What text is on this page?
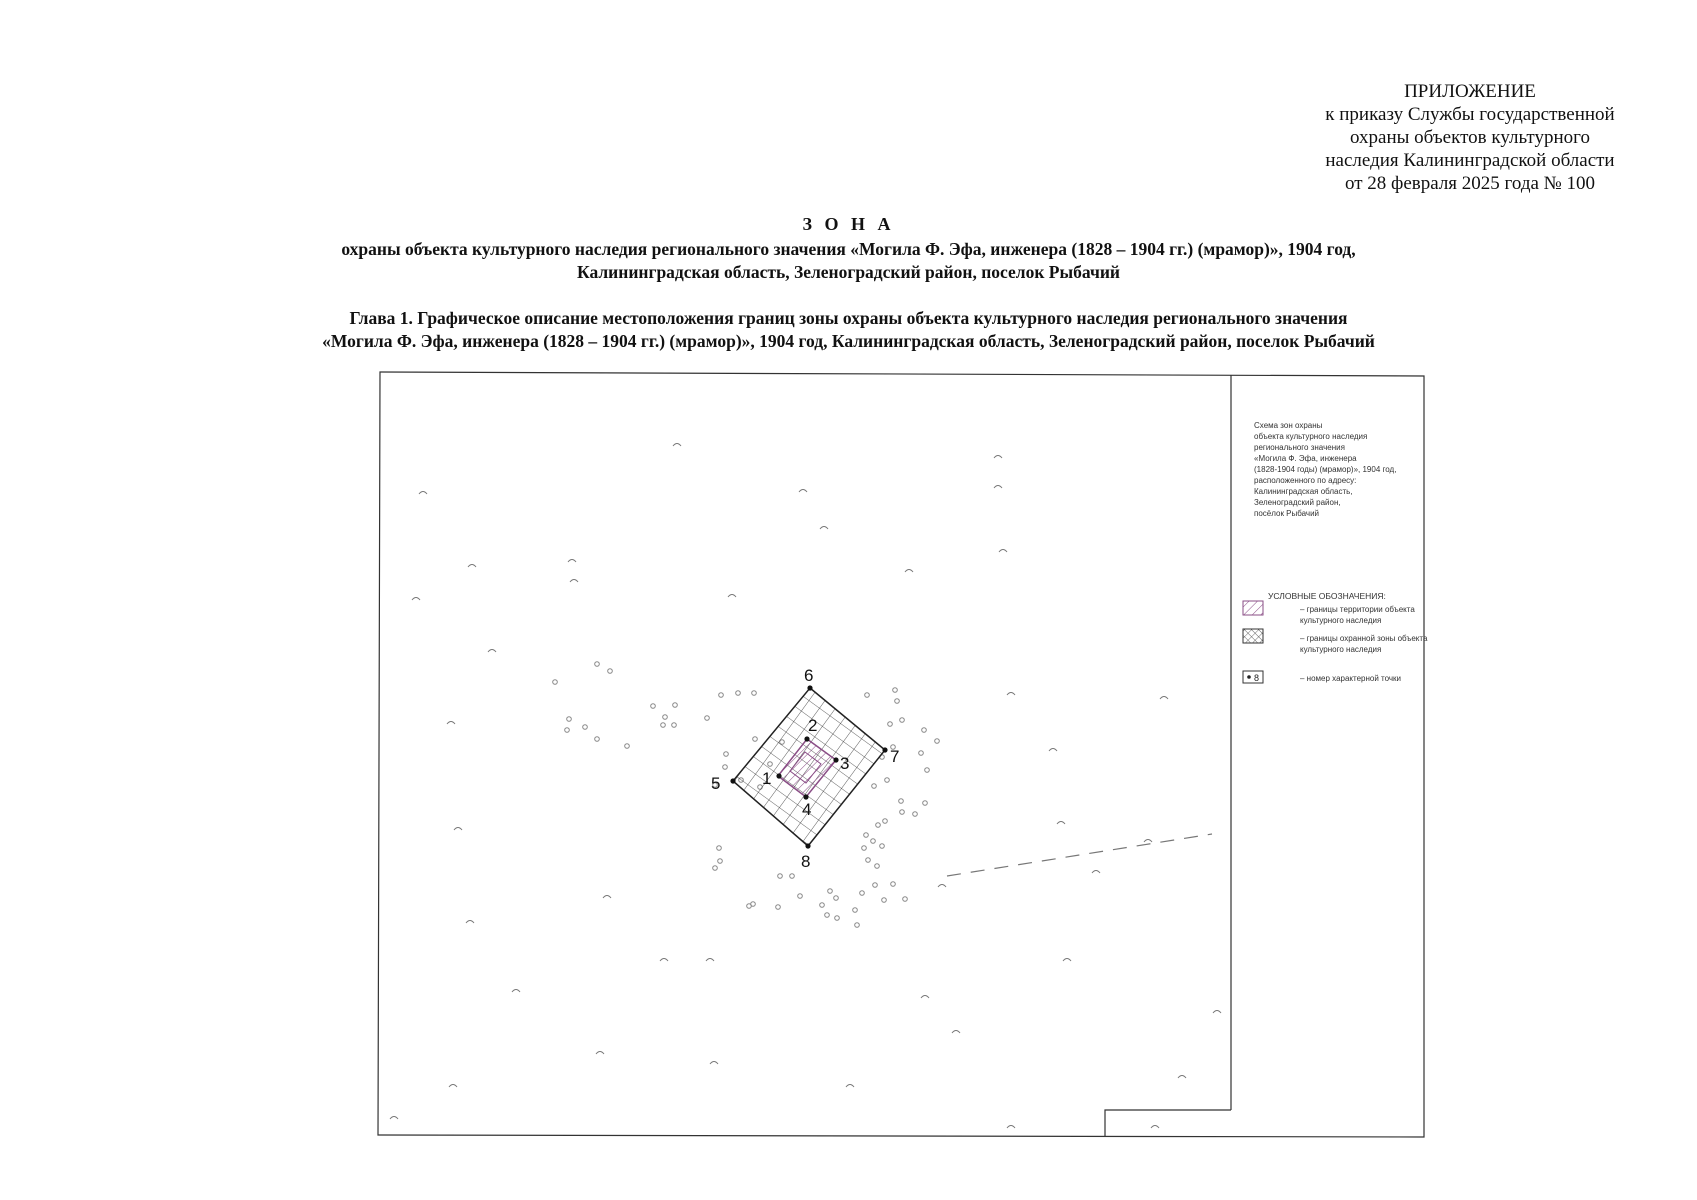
ПРИЛОЖЕНИЕ
к приказу Службы государственной
охраны объектов культурного
наследия Калининградской области
от 28 февраля 2025 года № 100
З О Н А
охраны объекта культурного наследия регионального значения «Могила Ф. Эфа, инженера (1828 – 1904 гг.) (мрамор)», 1904 год,
Калининградская область, Зеленоградский район, поселок Рыбачий
Глава 1. Графическое описание местоположения границ зоны охраны объекта культурного наследия регионального значения
«Могила Ф. Эфа, инженера (1828 – 1904 гг.) (мрамор)», 1904 год, Калининградская область, Зеленоградский район, поселок Рыбачий
1
2
3
4
5
6
7
8
8
Схема зон охраны
объекта культурного наследия
регионального значения
«Могила Ф. Эфа, инженера
(1828-1904 годы) (мрамор)», 1904 год,
расположенного по адресу:
Калининградская область,
Зеленоградский район,
посёлок Рыбачий
УСЛОВНЫЕ ОБОЗНАЧЕНИЯ:
– границы территории объекта культурного наследия
– границы охранной зоны объекта культурного наследия
– номер характерной точки
